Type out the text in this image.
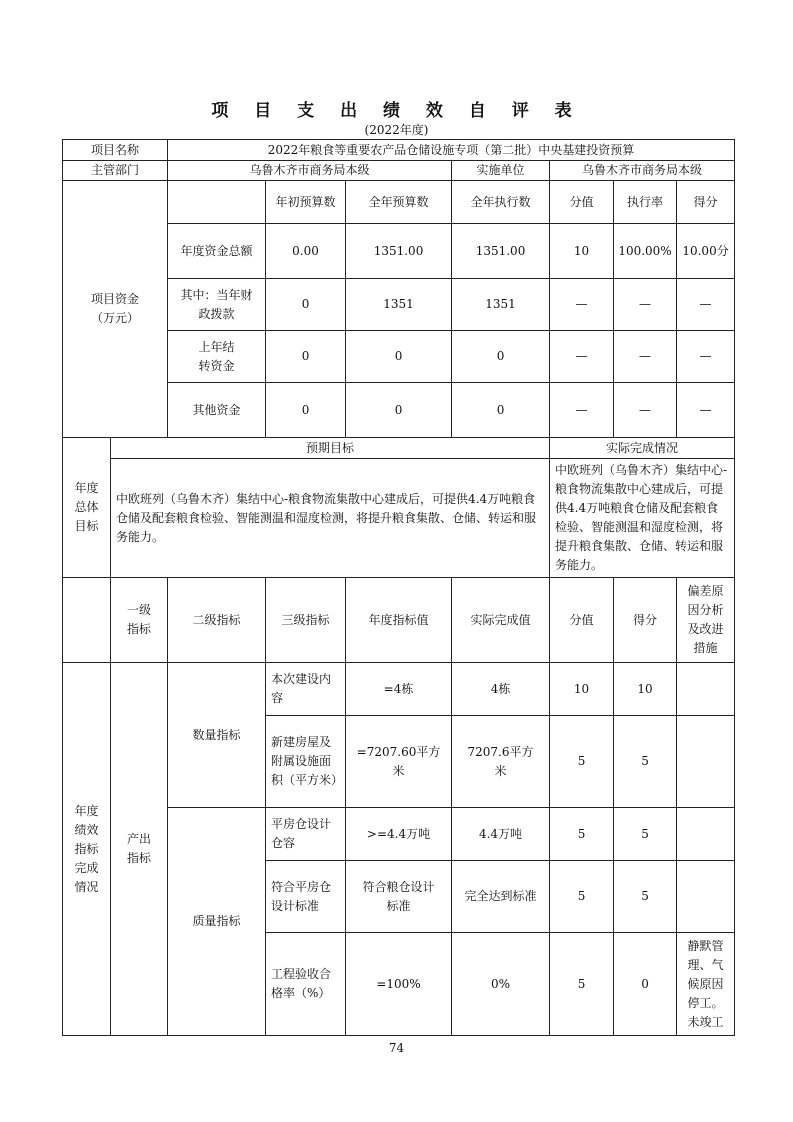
项 目 支 出 绩 效 自 评 表
(2022年度)
项目名称		2022年粮食等重要农产品仓储设施专项（第二批）中央基建投资预算						
主管部门		乌鲁木齐市商务局本级			实施单位	乌鲁木齐市商务局本级		
项目资金（万元）			年初预算数	全年预算数	全年执行数	分值	执行率	得分
		年度资金总额	0.00	1351.00	1351.00	10	100.00%	10.00分
		其中：当年财政拨款	0	1351	1351	—	—	—
		上年结转资金	0	0	0	—	—	—
		其他资金	0	0	0	—	—	—
年度总体目标	预期目标					实际完成情况		
	中欧班列（乌鲁木齐）集结中心-粮食物流集散中心建成后，可提供4.4万吨粮食仓储及配套粮食检验、智能测温和湿度检测，将提升粮食集散、仓储、转运和服务能力。					中欧班列（乌鲁木齐）集结中心-粮食物流集散中心建成后，可提供4.4万吨粮食仓储及配套粮食检验、智能测温和湿度检测，将提升粮食集散、仓储、转运和服务能力。		
	一级指标	二级指标	三级指标	年度指标值	实际完成值	分值	得分	偏差原因分析及改进措施
年度绩效指标完成情况	产出指标	数量指标	本次建设内容	=4栋	4栋	10	10	
			新建房屋及附属设施面积（平方米）	=7207.60平方米	7207.6平方米	5	5	
		质量指标	平房仓设计仓容	>=4.4万吨	4.4万吨	5	5	
			符合平房仓设计标准	符合粮仓设计标准	完全达到标准	5	5	
			工程验收合格率（%）	=100%	0%	5	0	静默管理、气候原因停工。未竣工
74
